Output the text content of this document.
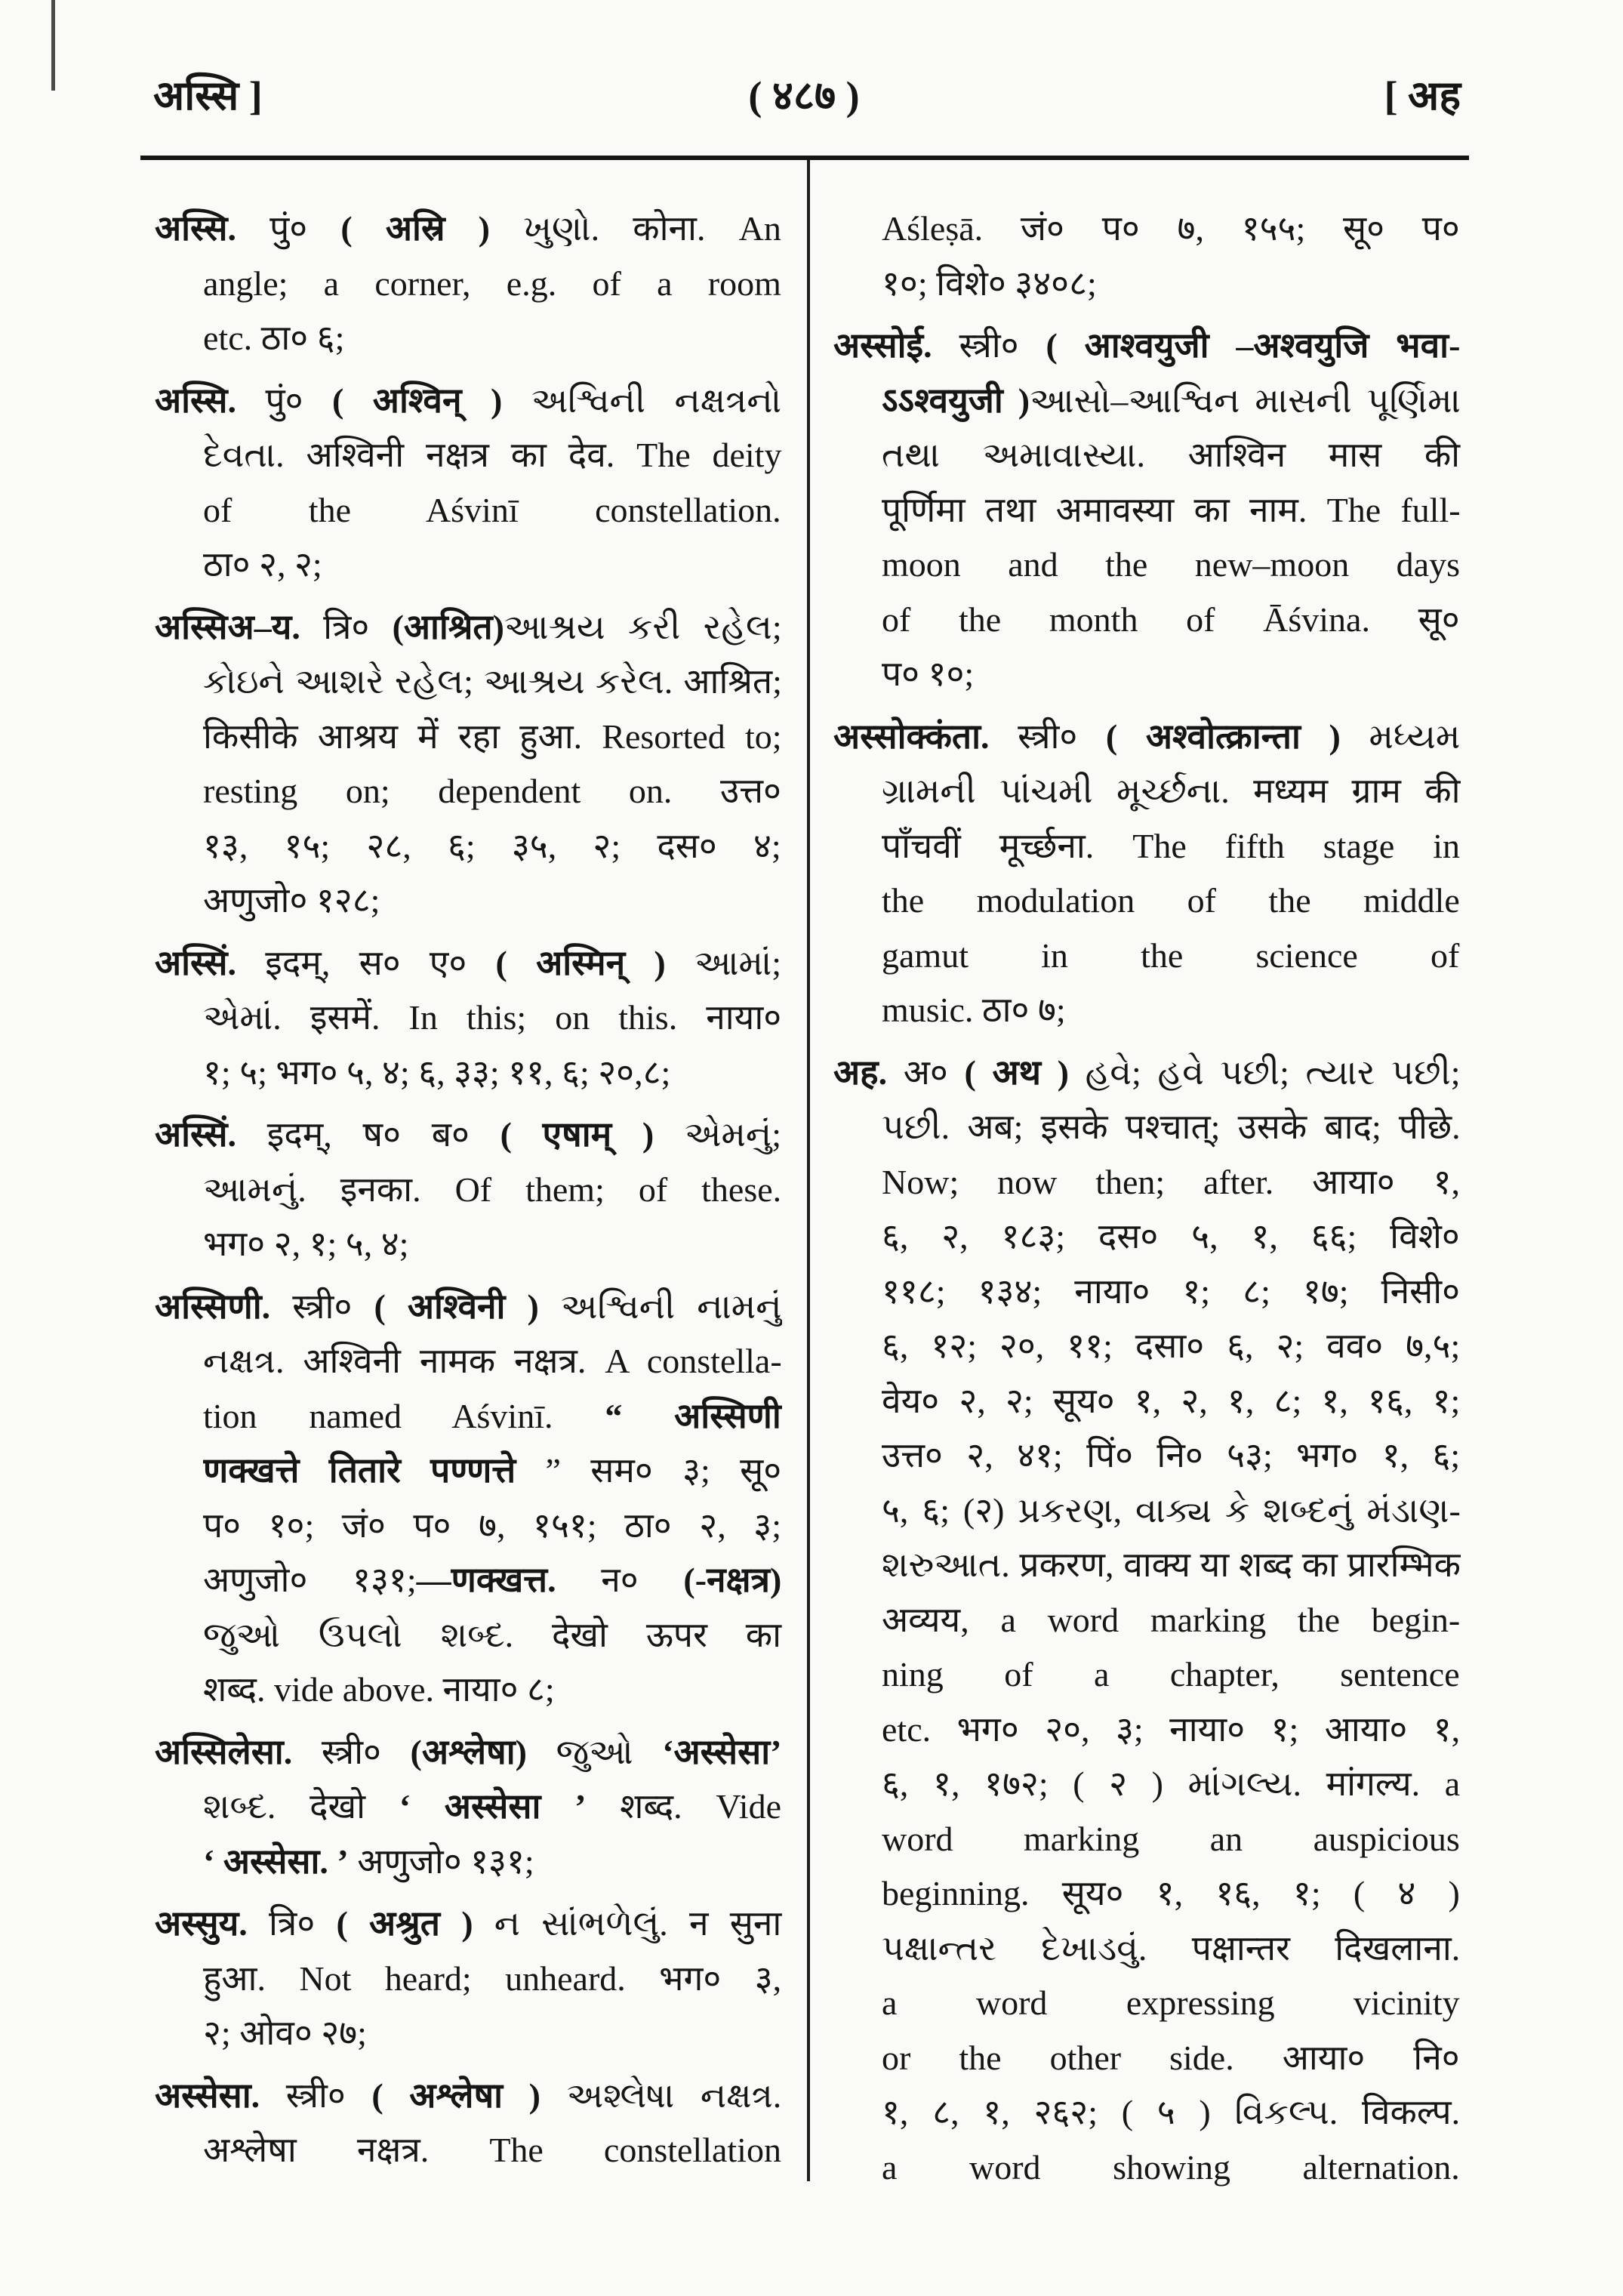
अस्सि ]	( ४८७ )	[ अह
अस्सि. पुं० ( अस्रि ) ખુણો. कोना. An
angle; a corner, e.g. of a room
etc. ठा० ६;
अस्सि. पुं० ( अश्विन् ) અશ્વિની નક્ષત્રનો
દેવતા. अश्विनी नक्षत्र का देव. The deity
of the Aśvinī constellation.
ठा० २, २;
अस्सिअ–य. त्रि० (आश्रित)આશ્રય કરી રહેલ;
કોઇને આશરે રહેલ; આશ્રય કરેલ. आश्रित;
किसीके आश्रय में रहा हुआ. Resorted to;
resting on; dependent on. उत्त०
१३, १५; २८, ६; ३५, २; दस० ४;
अणुजो० १२८;
अस्सिं. इदम्, स० ए० ( अस्मिन् ) આમાં;
એમાં. इसमें. In this; on this. नाया०
१; ५; भग० ५, ४; ६, ३३; ११, ६; २०,८;
अस्सिं. इदम्, ष० ब० ( एषाम् ) એમનું;
આમનું. इनका. Of them; of these.
भग० २, १; ५, ४;
अस्सिणी. स्त्री० ( अश्विनी ) અશ્વિની નામનું
નક્ષત્ર. अश्विनी नामक नक्षत्र. A constella-
tion named Aśvinī. “ अस्सिणी
णक्खत्ते तितारे पण्णत्ते ” सम० ३; सू०
प० १०; जं० प० ७, १५१; ठा० २, ३;
अणुजो० १३१;—णक्खत्त. न० (-नक्षत्र)
જુઓ ઉપલો શબ્દ. देखो ऊपर का
शब्द. vide above. नाया० ८;
अस्सिलेसा. स्त्री० (अश्लेषा) જુઓ ‘अस्सेसा’
શબ્દ. देखो ‘ अस्सेसा ’ शब्द. Vide
‘ अस्सेसा. ’ अणुजो० १३१;
अस्सुय. त्रि० ( अश्रुत ) ન સાંભળેલું. न सुना
हुआ. Not heard; unheard. भग० ३,
२; ओव० २७;
अस्सेसा. स्त्री० ( अश्लेषा ) અશ્લેષા નક્ષત્ર.
अश्लेषा नक्षत्र. The constellation
Aśleṣā. जं० प० ७, १५५; सू० प०
१०; विशे० ३४०८;
अस्सोई. स्त्री० ( आश्वयुजी –अश्वयुजि भवा-
ऽऽश्वयुजी )આસો–આશ્વિન માસની પૂર્ણિમા
તથા અમાવાસ્યા. आश्विन मास की
पूर्णिमा तथा अमावस्या का नाम. The full-
moon and the new–moon days
of the month of Āśvina. सू०
प० १०;
अस्सोक्कंता. स्त्री० ( अश्वोत्क्रान्ता ) મધ્યમ
ગ્રામની પાંચમી મૂર્ચ્છના. मध्यम ग्राम की
पाँचवीं मूर्च्छना. The fifth stage in
the modulation of the middle
gamut in the science of
music. ठा० ७;
अह. अ० ( अथ ) હવે; હવે પછી; ત્યાર પછી;
પછી. अब; इसके पश्चात्; उसके बाद; पीछे.
Now; now then; after. आया० १,
६, २, १८३; दस० ५, १, ६६; विशे०
११८; १३४; नाया० १; ८; १७; निसी०
६, १२; २०, ११; दसा० ६, २; वव० ७,५;
वेय० २, २; सूय० १, २, १, ८; १, १६, १;
उत्त० २, ४१; पिं० नि० ५३; भग० १, ६;
५, ६; (२) પ્રકરણ, વાક્ય કે શબ્દનું મંડાણ-
શરુઆત. प्रकरण, वाक्य या शब्द का प्रारम्भिक
अव्यय, a word marking the begin-
ning of a chapter, sentence
etc. भग० २०, ३; नाया० १; आया० १,
६, १, १७२; ( २ ) માંગલ્ય. मांगल्य. a
word marking an auspicious
beginning. सूय० १, १६, १; ( ४ )
પક્ષાન્તર દેખાડવું. पक्षान्तर दिखलाना.
a word expressing vicinity
or the other side. आया० नि०
१, ८, १, २६२; ( ५ ) વિકલ્પ. विकल्प.
a word showing alternation.
